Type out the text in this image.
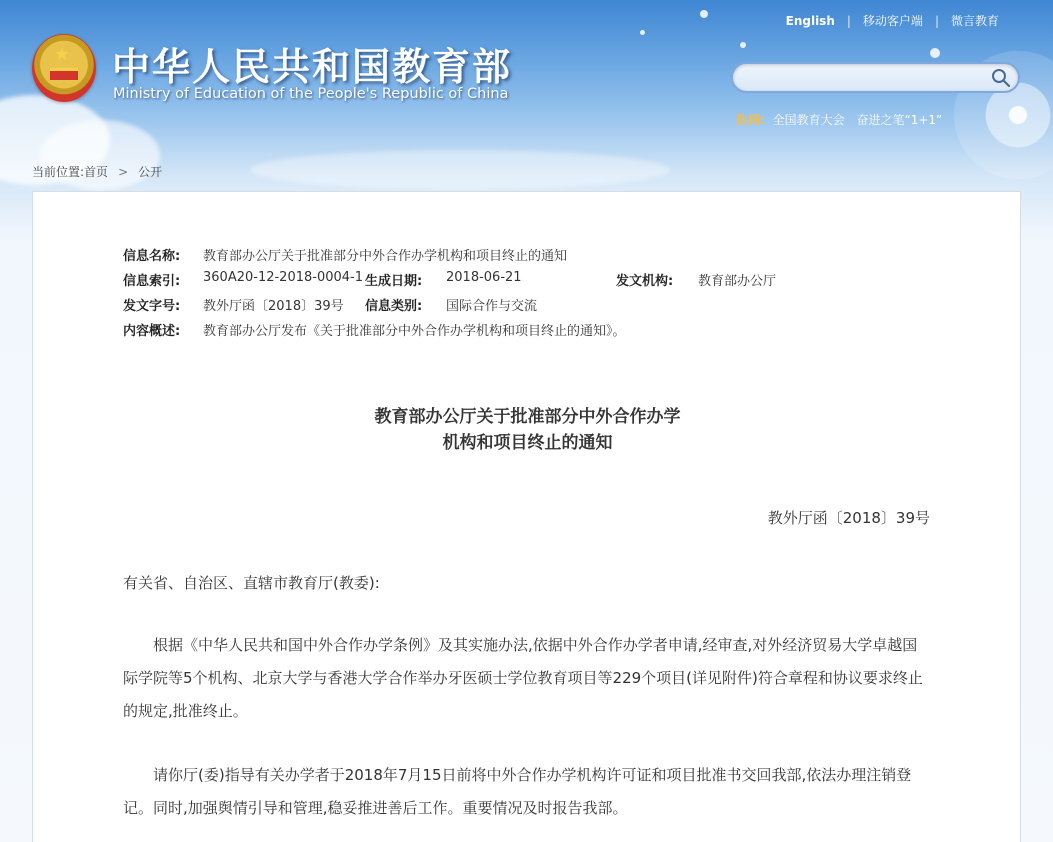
★ 中华人民共和国教育部
Ministry of Education of the People's Republic of China
English | 移动客户端 | 微言教育
热词: 全国教育大会 奋进之笔“1+1”
当前位置:首页 > 公开
信息名称: 教育部办公厅关于批准部分中外合作办学机构和项目终止的通知
信息索引: 360A20-12-2018-0004-1 生成日期: 2018-06-21	发文机构: 教育部办公厅
发文字号: 教外厅函〔2018〕39号 信息类别: 国际合作与交流
内容概述: 教育部办公厅发布《关于批准部分中外合作办学机构和项目终止的通知》。
教育部办公厅关于批准部分中外合作办学
机构和项目终止的通知
教外厅函〔2018〕39号
有关省、自治区、直辖市教育厅(教委):
根据《中华人民共和国中外合作办学条例》及其实施办法,依据中外合作办学者申请,经审查,对外经济贸易大学卓越国际学院等5个机构、北京大学与香港大学合作举办牙医硕士学位教育项目等229个项目(详见附件)符合章程和协议要求终止的规定,批准终止。
请你厅(委)指导有关办学者于2018年7月15日前将中外合作办学机构许可证和项目批准书交回我部,依法办理注销登记。同时,加强舆情引导和管理,稳妥推进善后工作。重要情况及时报告我部。
